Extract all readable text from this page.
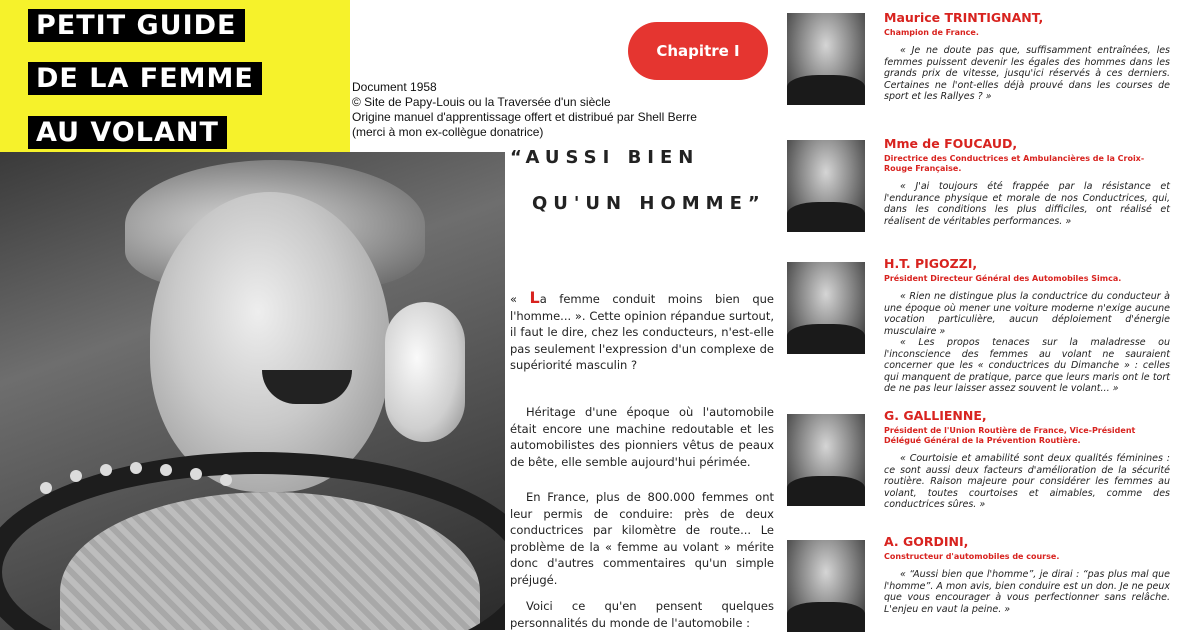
PETIT GUIDE
DE LA FEMME
AU VOLANT
Document 1958
© Site de Papy-Louis ou la Traversée d'un siècle
Origine manuel d'apprentissage offert et distribué par Shell Berre
(merci à mon ex-collègue donatrice)
Chapitre I
“AUSSI BIEN
QU'UN HOMME”
« La femme conduit moins bien que l'homme... ». Cette opinion répandue surtout, il faut le dire, chez les conducteurs, n'est-elle pas seulement l'expression d'un complexe de supériorité masculin ?
Héritage d'une époque où l'automobile était encore une machine redoutable et les automobilistes des pionniers vêtus de peaux de bête, elle semble aujourd'hui périmée.
En France, plus de 800.000 femmes ont leur permis de conduire: près de deux conductrices par kilomètre de route... Le problème de la « femme au volant » mérite donc d'autres commentaires qu'un simple préjugé.
Voici ce qu'en pensent quelques personnalités du monde de l'automobile :
Maurice TRINTIGNANT,
Champion de France.

« Je ne doute pas que, suffisamment entraînées, les femmes puissent devenir les égales des hommes dans les grands prix de vitesse, jusqu'ici réservés à ces derniers. Certaines ne l'ont-elles déjà prouvé dans les courses de sport et les Rallyes ? »

Mme de FOUCAUD,
Directrice des Conductrices et Ambulancières de la Croix-Rouge Française.

« J'ai toujours été frappée par la résistance et l'endurance physique et morale de nos Conductrices, qui, dans les conditions les plus difficiles, ont réalisé et réalisent de véritables performances. »

H.T. PIGOZZI,
Président Directeur Général des Automobiles Simca.

« Rien ne distingue plus la conductrice du conducteur à une époque où mener une voiture moderne n'exige aucune vocation particulière, aucun déploiement d'énergie musculaire »

« Les propos tenaces sur la maladresse ou l'inconscience des femmes au volant ne sauraient concerner que les « conductrices du Dimanche » : celles qui manquent de pratique, parce que leurs maris ont le tort de ne pas leur laisser assez souvent le volant... »

G. GALLIENNE,
Président de l'Union Routière de France, Vice-Président Délégué Général de la Prévention Routière.

« Courtoisie et amabilité sont deux qualités féminines : ce sont aussi deux facteurs d'amélioration de la sécurité routière. Raison majeure pour considérer les femmes au volant, toutes courtoises et aimables, comme des conductrices sûres. »

A. GORDINI,
Constructeur d'automobiles de course.

« “Aussi bien que l'homme”, je dirai : “pas plus mal que l'homme”. A mon avis, bien conduire est un don. Je ne peux que vous encourager à vous perfectionner sans relâche. L'enjeu en vaut la peine. »
